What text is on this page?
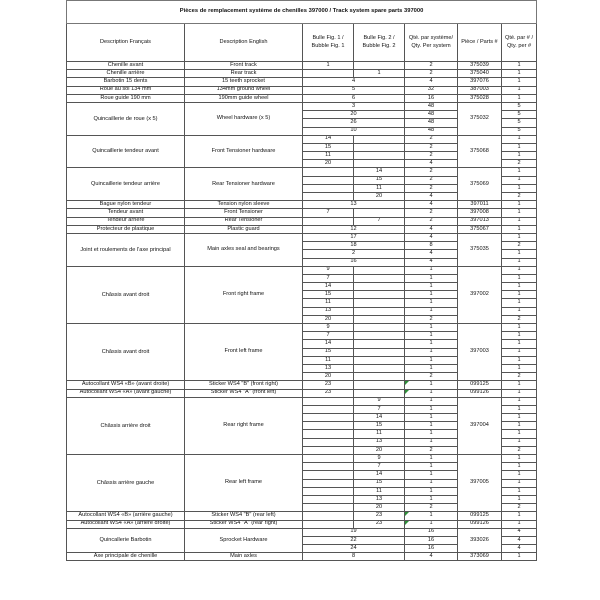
Pièces de remplacement système de chenilles 397000 / Track system spare parts 397000						
Description Français	Description English	Bulle Fig. 1 / Bubble Fig. 1	Bulle Fig. 2 / Bubble Fig. 2	Qté. par système/ Qty. Per system	Pièce / Parts #	Qté. par # / Qty. per #
Chenille avant	Front track	1		2	375039	1
Chenille arrière	Rear track		1	2	375040	1
Barbotin 15 dents	15 teeth sprocket	4		4	397076	1
Roue au sol 134 mm	134mm ground wheel	5		32	387003	1
Roue guide 190 mm	190mm guide wheel	6		16	375028	1
Quincaillerie de roue (x 5)	Wheel hardware (x 5)	3		48	375032	5
		20		48		5
		26		48		5
		10		48		5
Quincaillerie tendeur avant	Front Tensioner hardware	14		2	375068	1
		15		2		1
		11		2		1
		20		4		2
Quincaillerie tendeur arrière	Rear Tensioner hardware		14	2	375069	1
			15	2		1
			11	2		1
			20	4		2
Bague nylon tendeur	Tension nylon sleeve	13		4	397011	1
Tendeur avant	Front Tensioner	7		2	397008	1
Tendeur arrière	Rear Tensioner		7	2	397013	1
Protecteur de plastique	Plastic guard	12		4	375067	1
Joint et roulements de l'axe principal	Main axles seal and bearings	17		4	375035	1
		18		8		2
		2		4		1
		16		4		1
Châssis avant droit	Front right frame	9		1	397002	1
		7		1		1
		14		1		1
		15		1		1
		11		1		1
		13		1		1
		20		2		2
Châssis avant droit	Front left frame	9		1	397003	1
		7		1		1
		14		1		1
		15		1		1
		11		1		1
		13		1		1
		20		2		2
Autocollant WS4 «B» (avant droite)	Sticker WS4 "B" (front right)	23		1	099125	1
Autocollant WS4 «A» (avant gauche)	Sticker WS4 "A" (front left)	23		1	099126	1
Châssis arrière droit	Rear right frame		9	1	397004	1
			7	1		1
			14	1		1
			15	1		1
			11	1		1
			13	1		1
			20	2		2
Châssis arrière gauche	Rear left frame		9	1	397005	1
			7	1		1
			14	1		1
			15	1		1
			11	1		1
			13	1		1
			20	2		2
Autocollant WS4 «B» (arrière gauche)	Sticker WS4 "B" (rear left)		23	1	099125	1
Autocollant WS4 «A» (arrière droite)	Sticker WS4 "A" (rear right)		23	1	099126	1
Quincallerie Barbotin	Sprocket Hardware	19		16	393026	4
		22		16		4
		24		16		4
Axe principale de chenille	Main axles	8		4	373069	1
